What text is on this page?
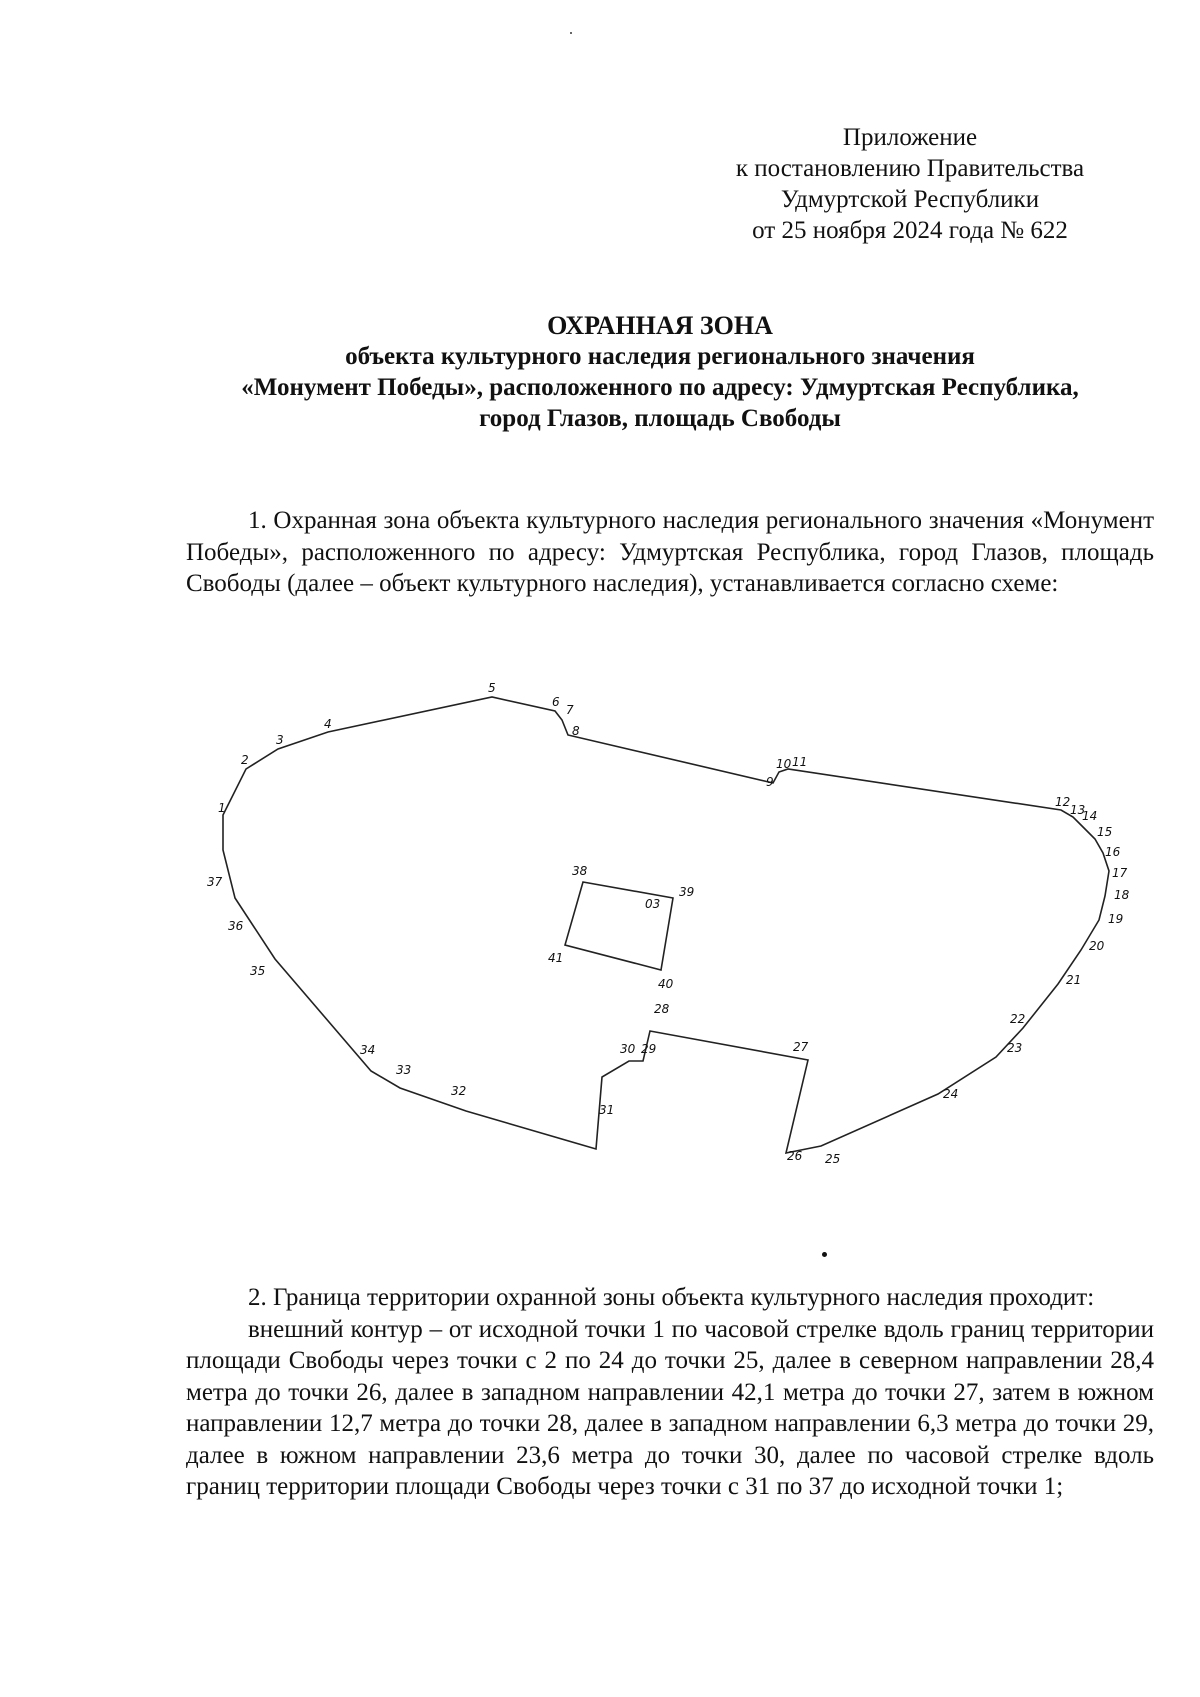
Приложение
к постановлению Правительства
Удмуртской Республики
от 25 ноября 2024 года № 622
ОХРАННАЯ ЗОНА
объекта культурного наследия регионального значения
«Монумент Победы», расположенного по адресу: Удмуртская Республика,
город Глазов, площадь Свободы

1. Охранная зона объекта культурного наследия регионального значения «Монумент Победы», расположенного по адресу: Удмуртская Республика, город Глазов, площадь Свободы (далее – объект культурного наследия), устанавливается согласно схеме:

03
1
2
3
4
5
6
7
8
9
10 11
12
13
14
15
16
17
18
19
20
21
22
23
24
25
26
27
28
29
30
31
32
33
34
35
36
37
38
39
40
41
2. Граница территории охранной зоны объекта культурного наследия проходит:
внешний контур – от исходной точки 1 по часовой стрелке вдоль границ территории площади Свободы через точки с 2 по 24 до точки 25, далее в северном направлении 28,4 метра до точки 26, далее в западном направлении 42,1 метра до точки 27, затем в южном направлении 12,7 метра до точки 28, далее в западном направлении 6,3 метра до точки 29, далее в южном направлении 23,6 метра до точки 30, далее по часовой стрелке вдоль границ территории площади Свободы через точки с 31 по 37 до исходной точки 1;
